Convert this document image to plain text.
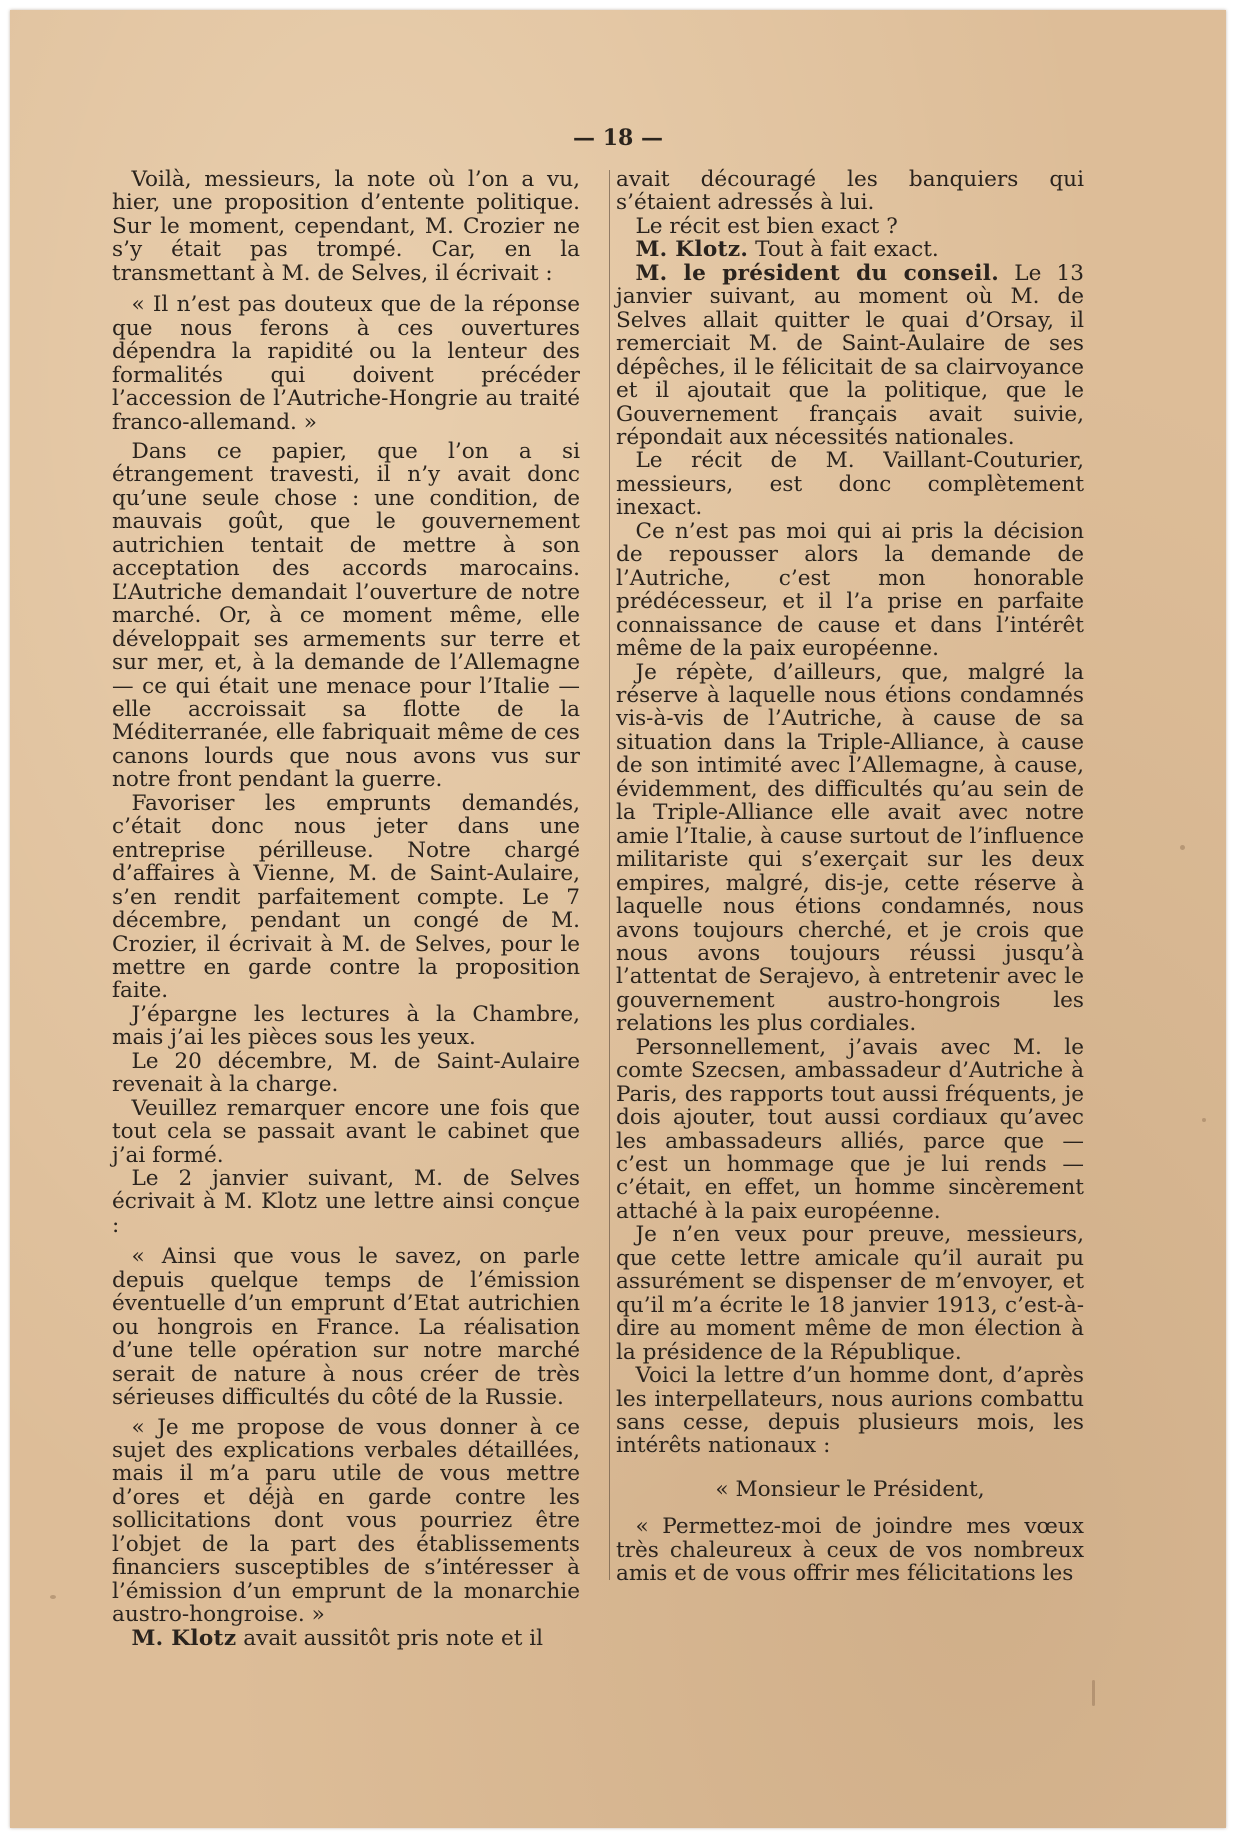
— 18 —

Voilà, messieurs, la note où l’on a vu, hier, une proposition d’entente politique. Sur le moment, cependant, M. Crozier ne s’y était pas trompé. Car, en la transmettant à M. de Selves, il écrivait :

« Il n’est pas douteux que de la réponse que nous ferons à ces ouvertures dépendra la rapidité ou la lenteur des formalités qui doivent précéder l’accession de l’Autriche-Hongrie au traité franco-allemand. »

Dans ce papier, que l’on a si étrangement travesti, il n’y avait donc qu’une seule chose : une condition, de mauvais goût, que le gouvernement autrichien tentait de mettre à son acceptation des accords marocains. L’Autriche demandait l’ouverture de notre marché. Or, à ce moment même, elle développait ses armements sur terre et sur mer, et, à la demande de l’Allemagne — ce qui était une menace pour l’Italie — elle accroissait sa flotte de la Méditerranée, elle fabriquait même de ces canons lourds que nous avons vus sur notre front pendant la guerre.

Favoriser les emprunts demandés, c’était donc nous jeter dans une entreprise périlleuse. Notre chargé d’affaires à Vienne, M. de Saint-Aulaire, s’en rendit parfaitement compte. Le 7 décembre, pendant un congé de M. Crozier, il écrivait à M. de Selves, pour le mettre en garde contre la proposition faite.

J’épargne les lectures à la Chambre, mais j’ai les pièces sous les yeux.

Le 20 décembre, M. de Saint-Aulaire revenait à la charge.

Veuillez remarquer encore une fois que tout cela se passait avant le cabinet que j’ai formé.

Le 2 janvier suivant, M. de Selves écrivait à M. Klotz une lettre ainsi conçue :

« Ainsi que vous le savez, on parle depuis quelque temps de l’émission éventuelle d’un emprunt d’Etat autrichien ou hongrois en France. La réalisation d’une telle opération sur notre marché serait de nature à nous créer de très sérieuses difficultés du côté de la Russie.

« Je me propose de vous donner à ce sujet des explications verbales détaillées, mais il m’a paru utile de vous mettre d’ores et déjà en garde contre les sollicitations dont vous pourriez être l’objet de la part des établissements financiers susceptibles de s’intéresser à l’émission d’un emprunt de la monarchie austro-hongroise. »

M. Klotz avait aussitôt pris note et il

avait découragé les banquiers qui s’étaient adressés à lui.

Le récit est bien exact ?

M. Klotz. Tout à fait exact.

M. le président du conseil. Le 13 janvier suivant, au moment où M. de Selves allait quitter le quai d’Orsay, il remerciait M. de Saint-Aulaire de ses dépêches, il le félicitait de sa clairvoyance et il ajoutait que la politique, que le Gouvernement français avait suivie, répondait aux nécessités nationales.

Le récit de M. Vaillant-Couturier, messieurs, est donc complètement inexact.

Ce n’est pas moi qui ai pris la décision de repousser alors la demande de l’Autriche, c’est mon honorable prédécesseur, et il l’a prise en parfaite connaissance de cause et dans l’intérêt même de la paix européenne.

Je répète, d’ailleurs, que, malgré la réserve à laquelle nous étions condamnés vis-à-vis de l’Autriche, à cause de sa situation dans la Triple-Alliance, à cause de son intimité avec l’Allemagne, à cause, évidemment, des difficultés qu’au sein de la Triple-Alliance elle avait avec notre amie l’Italie, à cause surtout de l’influence militariste qui s’exerçait sur les deux empires, malgré, dis-je, cette réserve à laquelle nous étions condamnés, nous avons toujours cherché, et je crois que nous avons toujours réussi jusqu’à l’attentat de Serajevo, à entretenir avec le gouvernement austro-hongrois les relations les plus cordiales.

Personnellement, j’avais avec M. le comte Szecsen, ambassadeur d’Autriche à Paris, des rapports tout aussi fréquents, je dois ajouter, tout aussi cordiaux qu’avec les ambassadeurs alliés, parce que — c’est un hommage que je lui rends — c’était, en effet, un homme sincèrement attaché à la paix européenne.

Je n’en veux pour preuve, messieurs, que cette lettre amicale qu’il aurait pu assurément se dispenser de m’envoyer, et qu’il m’a écrite le 18 janvier 1913, c’est-à-dire au moment même de mon élection à la présidence de la République.

Voici la lettre d’un homme dont, d’après les interpellateurs, nous aurions combattu sans cesse, depuis plusieurs mois, les intérêts nationaux :

« Monsieur le Président,

« Permettez-moi de joindre mes vœux très chaleureux à ceux de vos nombreux amis et de vous offrir mes félicitations les
